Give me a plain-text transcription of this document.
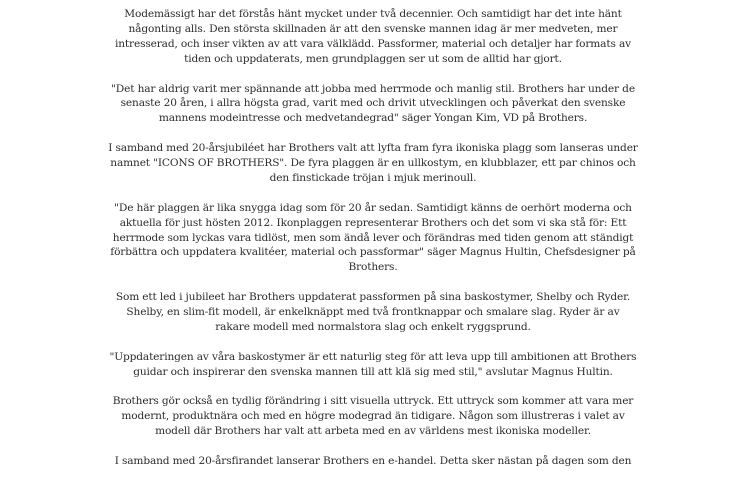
Modemässigt har det förstås hänt mycket under två decennier. Och samtidigt har det inte hänt någonting alls. Den största skillnaden är att den svenske mannen idag är mer medveten, mer intresserad, och inser vikten av att vara välklädd. Passformer, material och detaljer har formats av tiden och uppdaterats, men grundplaggen ser ut som de alltid har gjort.

"Det har aldrig varit mer spännande att jobba med herrmode och manlig stil. Brothers har under de senaste 20 åren, i allra högsta grad, varit med och drivit utvecklingen och påverkat den svenske mannens modeintresse och medvetandegrad" säger Yongan Kim, VD på Brothers.

I samband med 20-årsjubiléet har Brothers valt att lyfta fram fyra ikoniska plagg som lanseras under namnet "ICONS OF BROTHERS". De fyra plaggen är en ullkostym, en klubblazer, ett par chinos och den finstickade tröjan i mjuk merinoull.

"De här plaggen är lika snygga idag som för 20 år sedan. Samtidigt känns de oerhört moderna och aktuella för just hösten 2012. Ikonplaggen representerar Brothers och det som vi ska stå för: Ett herrmode som lyckas vara tidlöst, men som ändå lever och förändras med tiden genom att ständigt förbättra och uppdatera kvalitéer, material och passformar" säger Magnus Hultin, Chefsdesigner på Brothers.

Som ett led i jubileet har Brothers uppdaterat passformen på sina baskostymer, Shelby och Ryder. Shelby, en slim-fit modell, är enkelknäppt med två frontknappar och smalare slag. Ryder är av rakare modell med normalstora slag och enkelt ryggsprund.

"Uppdateringen av våra baskostymer är ett naturlig steg för att leva upp till ambitionen att Brothers guidar och inspirerar den svenska mannen till att klä sig med stil," avslutar Magnus Hultin.

Brothers gör också en tydlig förändring i sitt visuella uttryck. Ett uttryck som kommer att vara mer modernt, produktnära och med en högre modegrad än tidigare. Någon som illustreras i valet av modell där Brothers har valt att arbeta med en av världens mest ikoniska modeller.

I samband med 20-årsfirandet lanserar Brothers en e-handel. Detta sker nästan på dagen som den
